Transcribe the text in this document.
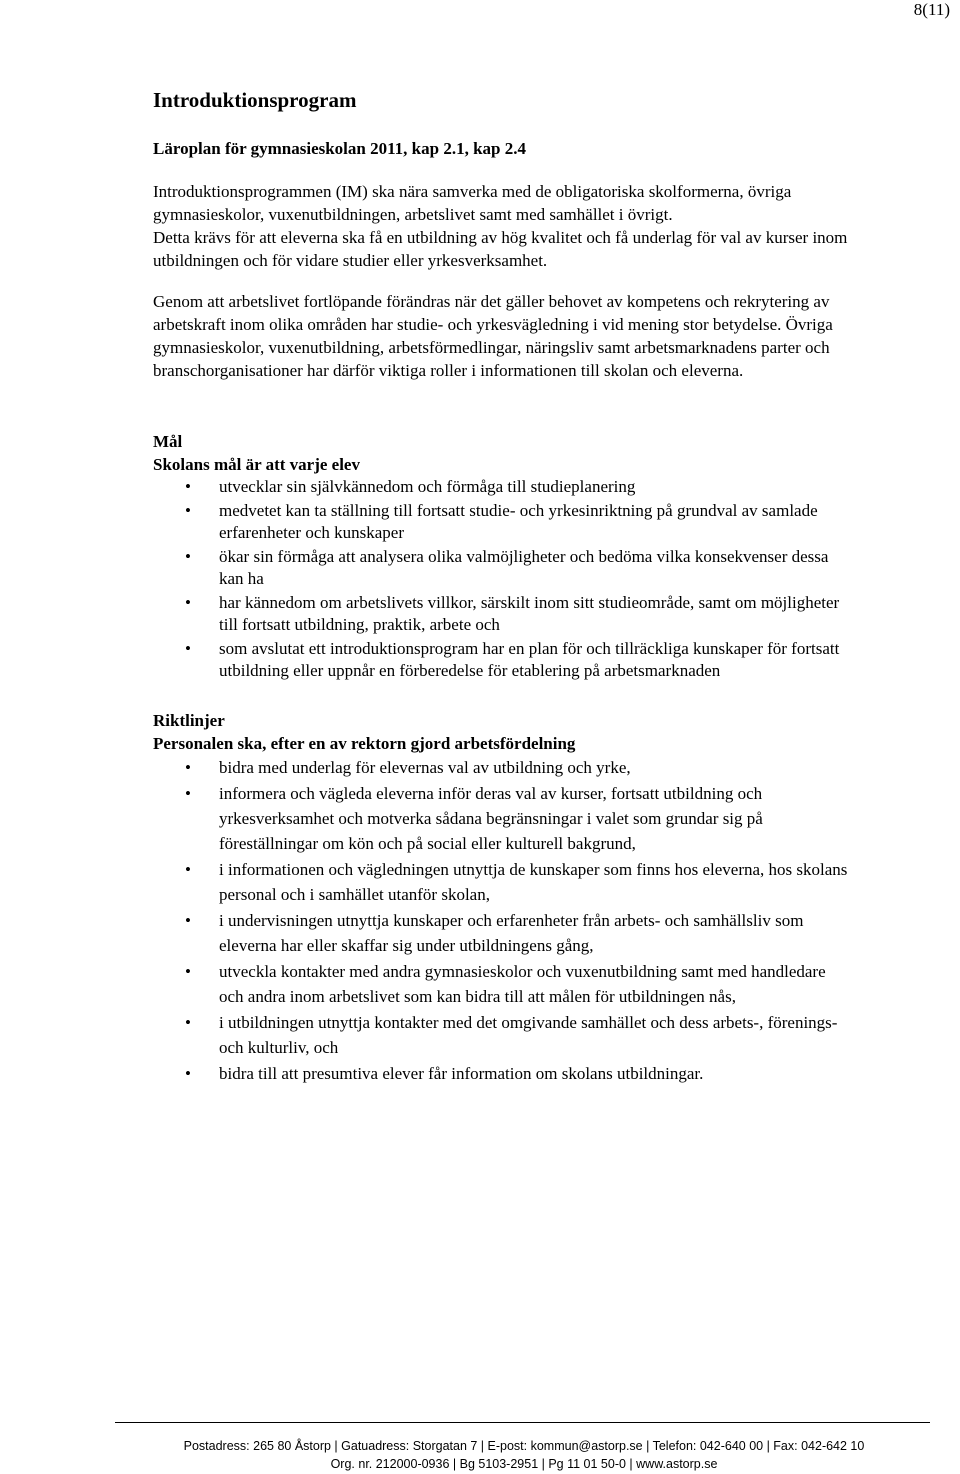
8(11)
Introduktionsprogram
Läroplan för gymnasieskolan 2011, kap 2.1, kap 2.4

Introduktionsprogrammen (IM) ska nära samverka med de obligatoriska skolformerna, övriga gymnasieskolor, vuxenutbildningen, arbetslivet samt med samhället i övrigt.

Detta krävs för att eleverna ska få en utbildning av hög kvalitet och få underlag för val av kurser inom utbildningen och för vidare studier eller yrkesverksamhet.

Genom att arbetslivet fortlöpande förändras när det gäller behovet av kompetens och rekrytering av arbetskraft inom olika områden har studie- och yrkesvägledning i vid mening stor betydelse. Övriga gymnasieskolor, vuxenutbildning, arbetsförmedlingar, näringsliv samt arbetsmarknadens parter och branschorganisationer har därför viktiga roller i informationen till skolan och eleverna.

Mål
Skolans mål är att varje elev
• utvecklar sin självkännedom och förmåga till studieplanering
• medvetet kan ta ställning till fortsatt studie- och yrkesinriktning på grundval av samlade erfarenheter och kunskaper
• ökar sin förmåga att analysera olika valmöjligheter och bedöma vilka konsekvenser dessa kan ha
• har kännedom om arbetslivets villkor, särskilt inom sitt studieområde, samt om möjligheter till fortsatt utbildning, praktik, arbete och
• som avslutat ett introduktionsprogram har en plan för och tillräckliga kunskaper för fortsatt utbildning eller uppnår en förberedelse för etablering på arbetsmarknaden
Riktlinjer
Personalen ska, efter en av rektorn gjord arbetsfördelning
• bidra med underlag för elevernas val av utbildning och yrke,
• informera och vägleda eleverna inför deras val av kurser, fortsatt utbildning och yrkesverksamhet och motverka sådana begränsningar i valet som grundar sig på föreställningar om kön och på social eller kulturell bakgrund,
• i informationen och vägledningen utnyttja de kunskaper som finns hos eleverna, hos skolans personal och i samhället utanför skolan,
• i undervisningen utnyttja kunskaper och erfarenheter från arbets- och samhällsliv som eleverna har eller skaffar sig under utbildningens gång,
• utveckla kontakter med andra gymnasieskolor och vuxenutbildning samt med handledare och andra inom arbetslivet som kan bidra till att målen för utbildningen nås,
• i utbildningen utnyttja kontakter med det omgivande samhället och dess arbets-, förenings- och kulturliv, och
• bidra till att presumtiva elever får information om skolans utbildningar.
Postadress: 265 80 Åstorp | Gatuadress: Storgatan 7 | E-post: kommun@astorp.se | Telefon: 042-640 00 | Fax: 042-642 10
Org. nr. 212000-0936 | Bg 5103-2951 | Pg 11 01 50-0 | www.astorp.se
